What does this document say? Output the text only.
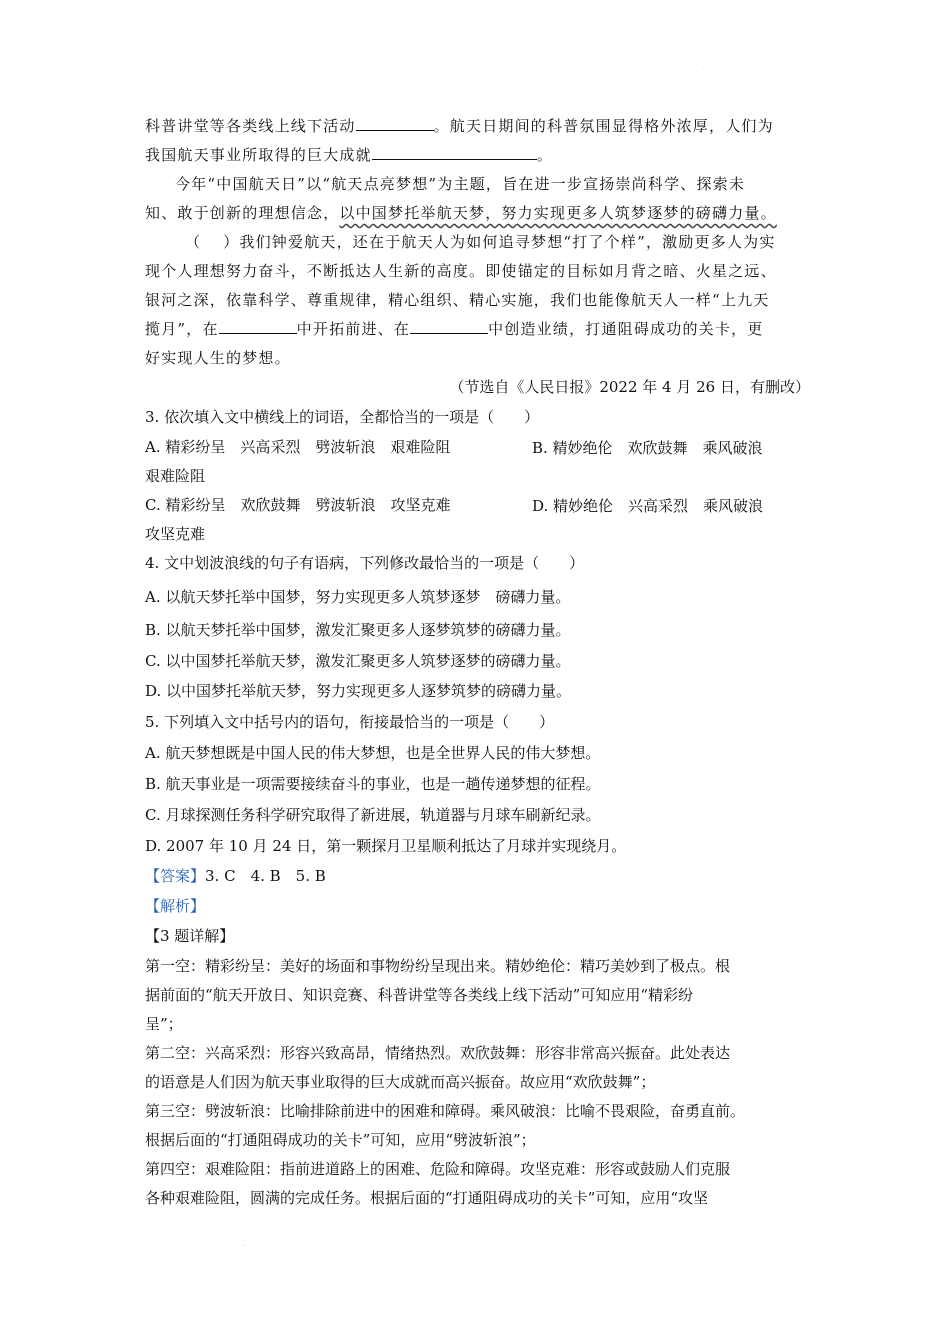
·
科普讲堂等各类线上线下活动	。航天日期间的科普氛围显得格外浓厚，人们为
我国航天事业所取得的巨大成就	。
今年“中国航天日”以“航天点亮梦想”为主题，旨在进一步宣扬崇尚科学、探索未
知、敢于创新的理想信念，以中国梦托举航天梦，努力实现更多人筑梦逐梦的磅礴力量。
（ ）我们钟爱航天，还在于航天人为如何追寻梦想“打了个样”，激励更多人为实
现个人理想努力奋斗，不断抵达人生新的高度。即使锚定的目标如月背之暗、火星之远、
银河之深，依靠科学、尊重规律，精心组织、精心实施，我们也能像航天人一样“上九天
揽月”，在	中开拓前进、在	中创造业绩，打通阻碍成功的关卡，更
好实现人生的梦想。
（节选自《人民日报》2022 年 4 月 26 日，有删改）
3. 依次填入文中横线上的词语，全都恰当的一项是（　　）
A. 精彩纷呈　兴高采烈　劈波斩浪　艰难险阻	B. 精妙绝伦　欢欣鼓舞　乘风破浪
艰难险阻
C. 精彩纷呈　欢欣鼓舞　劈波斩浪　攻坚克难	D. 精妙绝伦　兴高采烈　乘风破浪
攻坚克难
4. 文中划波浪线的句子有语病，下列修改最恰当的一项是（　　）
A. 以航天梦托举中国梦，努力实现更多人筑梦逐梦　磅礴力量。
B. 以航天梦托举中国梦，激发汇聚更多人逐梦筑梦的磅礴力量。
C. 以中国梦托举航天梦，激发汇聚更多人筑梦逐梦的磅礴力量。
D. 以中国梦托举航天梦，努力实现更多人逐梦筑梦的磅礴力量。
5. 下列填入文中括号内的语句，衔接最恰当的一项是（　　）
A. 航天梦想既是中国人民的伟大梦想，也是全世界人民的伟大梦想。
B. 航天事业是一项需要接续奋斗的事业，也是一趟传递梦想的征程。
C. 月球探测任务科学研究取得了新进展，轨道器与月球车刷新纪录。
D. 2007 年 10 月 24 日，第一颗探月卫星顺利抵达了月球并实现绕月。
【答案】3. C　4. B　5. B
【解析】
【3 题详解】
第一空：精彩纷呈：美好的场面和事物纷纷呈现出来。精妙绝伦：精巧美妙到了极点。根
据前面的“航天开放日、知识竞赛、科普讲堂等各类线上线下活动”可知应用“精彩纷
呈”；
第二空：兴高采烈：形容兴致高昂，情绪热烈。欢欣鼓舞：形容非常高兴振奋。此处表达
的语意是人们因为航天事业取得的巨大成就而高兴振奋。故应用“欢欣鼓舞”；
第三空：劈波斩浪：比喻排除前进中的困难和障碍。乘风破浪：比喻不畏艰险，奋勇直前。
根据后面的“打通阻碍成功的关卡”可知，应用“劈波斩浪”；
第四空：艰难险阻：指前进道路上的困难、危险和障碍。攻坚克难：形容或鼓励人们克服
各种艰难险阻，圆满的完成任务。根据后面的“打通阻碍成功的关卡”可知，应用“攻坚
·
